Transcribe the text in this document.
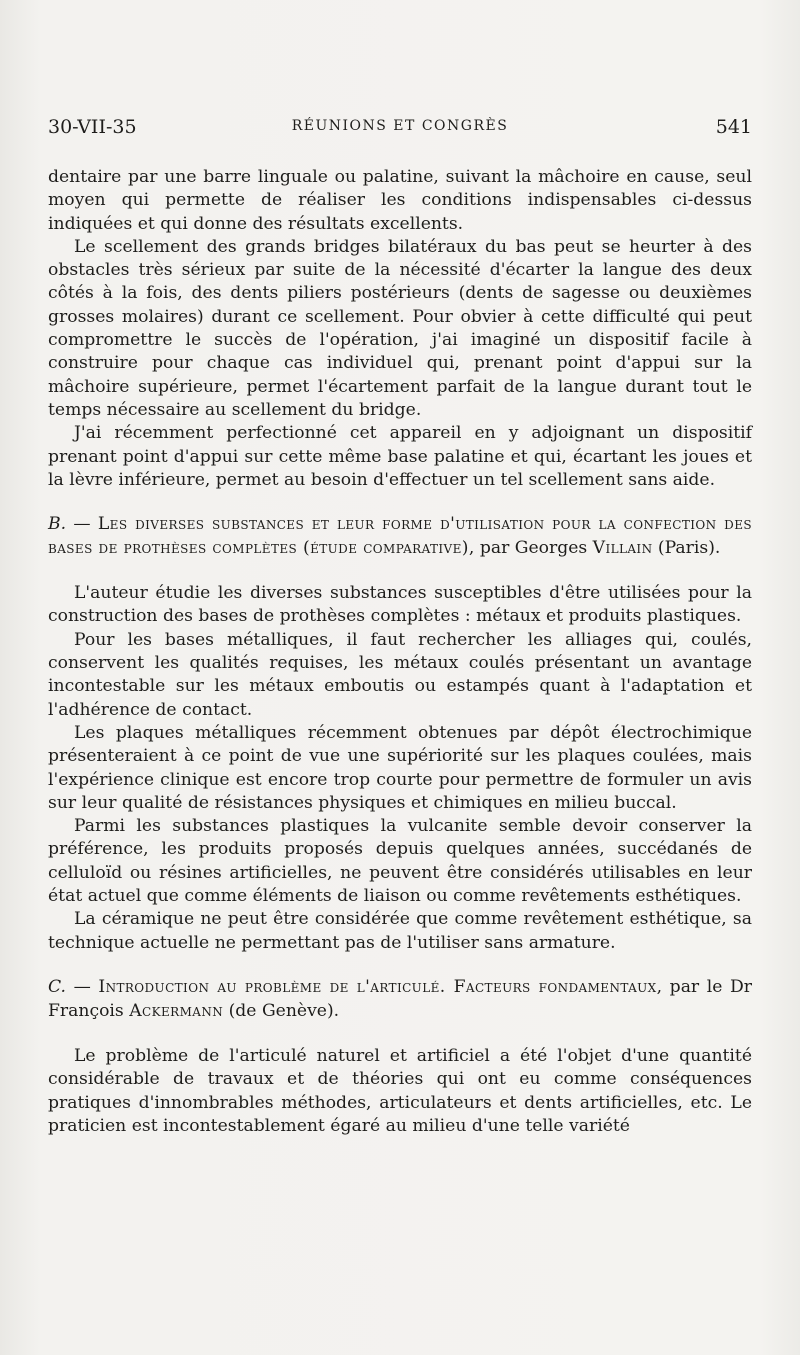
30-VII-35	RÉUNIONS ET CONGRÈS	541

dentaire par une barre linguale ou palatine, suivant la mâchoire en cause, seul moyen qui permette de réaliser les conditions indispensables ci-dessus indiquées et qui donne des résultats excellents.

Le scellement des grands bridges bilatéraux du bas peut se heurter à des obstacles très sérieux par suite de la nécessité d'écarter la langue des deux côtés à la fois, des dents piliers postérieurs (dents de sagesse ou deuxièmes grosses molaires) durant ce scellement. Pour obvier à cette difficulté qui peut compromettre le succès de l'opération, j'ai imaginé un dispositif facile à construire pour chaque cas individuel qui, prenant point d'appui sur la mâchoire supérieure, permet l'écartement parfait de la langue durant tout le temps nécessaire au scellement du bridge.

J'ai récemment perfectionné cet appareil en y adjoignant un dispositif prenant point d'appui sur cette même base palatine et qui, écartant les joues et la lèvre inférieure, permet au besoin d'effectuer un tel scellement sans aide.

B. — Les diverses substances et leur forme d'utilisation pour la confection des bases de prothèses complètes (étude comparative), par Georges Villain (Paris).

L'auteur étudie les diverses substances susceptibles d'être utilisées pour la construction des bases de prothèses complètes : métaux et produits plastiques.

Pour les bases métalliques, il faut rechercher les alliages qui, coulés, conservent les qualités requises, les métaux coulés présentant un avantage incontestable sur les métaux emboutis ou estampés quant à l'adaptation et l'adhérence de contact.

Les plaques métalliques récemment obtenues par dépôt électrochimique présenteraient à ce point de vue une supériorité sur les plaques coulées, mais l'expérience clinique est encore trop courte pour permettre de formuler un avis sur leur qualité de résistances physiques et chimiques en milieu buccal.

Parmi les substances plastiques la vulcanite semble devoir conserver la préférence, les produits proposés depuis quelques années, succédanés de celluloïd ou résines artificielles, ne peuvent être considérés utilisables en leur état actuel que comme éléments de liaison ou comme revêtements esthétiques.

La céramique ne peut être considérée que comme revêtement esthétique, sa technique actuelle ne permettant pas de l'utiliser sans armature.

C. — Introduction au problème de l'articulé. Facteurs fondamentaux, par le Dr François Ackermann (de Genève).

Le problème de l'articulé naturel et artificiel a été l'objet d'une quantité considérable de travaux et de théories qui ont eu comme conséquences pratiques d'innombrables méthodes, articulateurs et dents artificielles, etc. Le praticien est incontestablement égaré au milieu d'une telle variété
